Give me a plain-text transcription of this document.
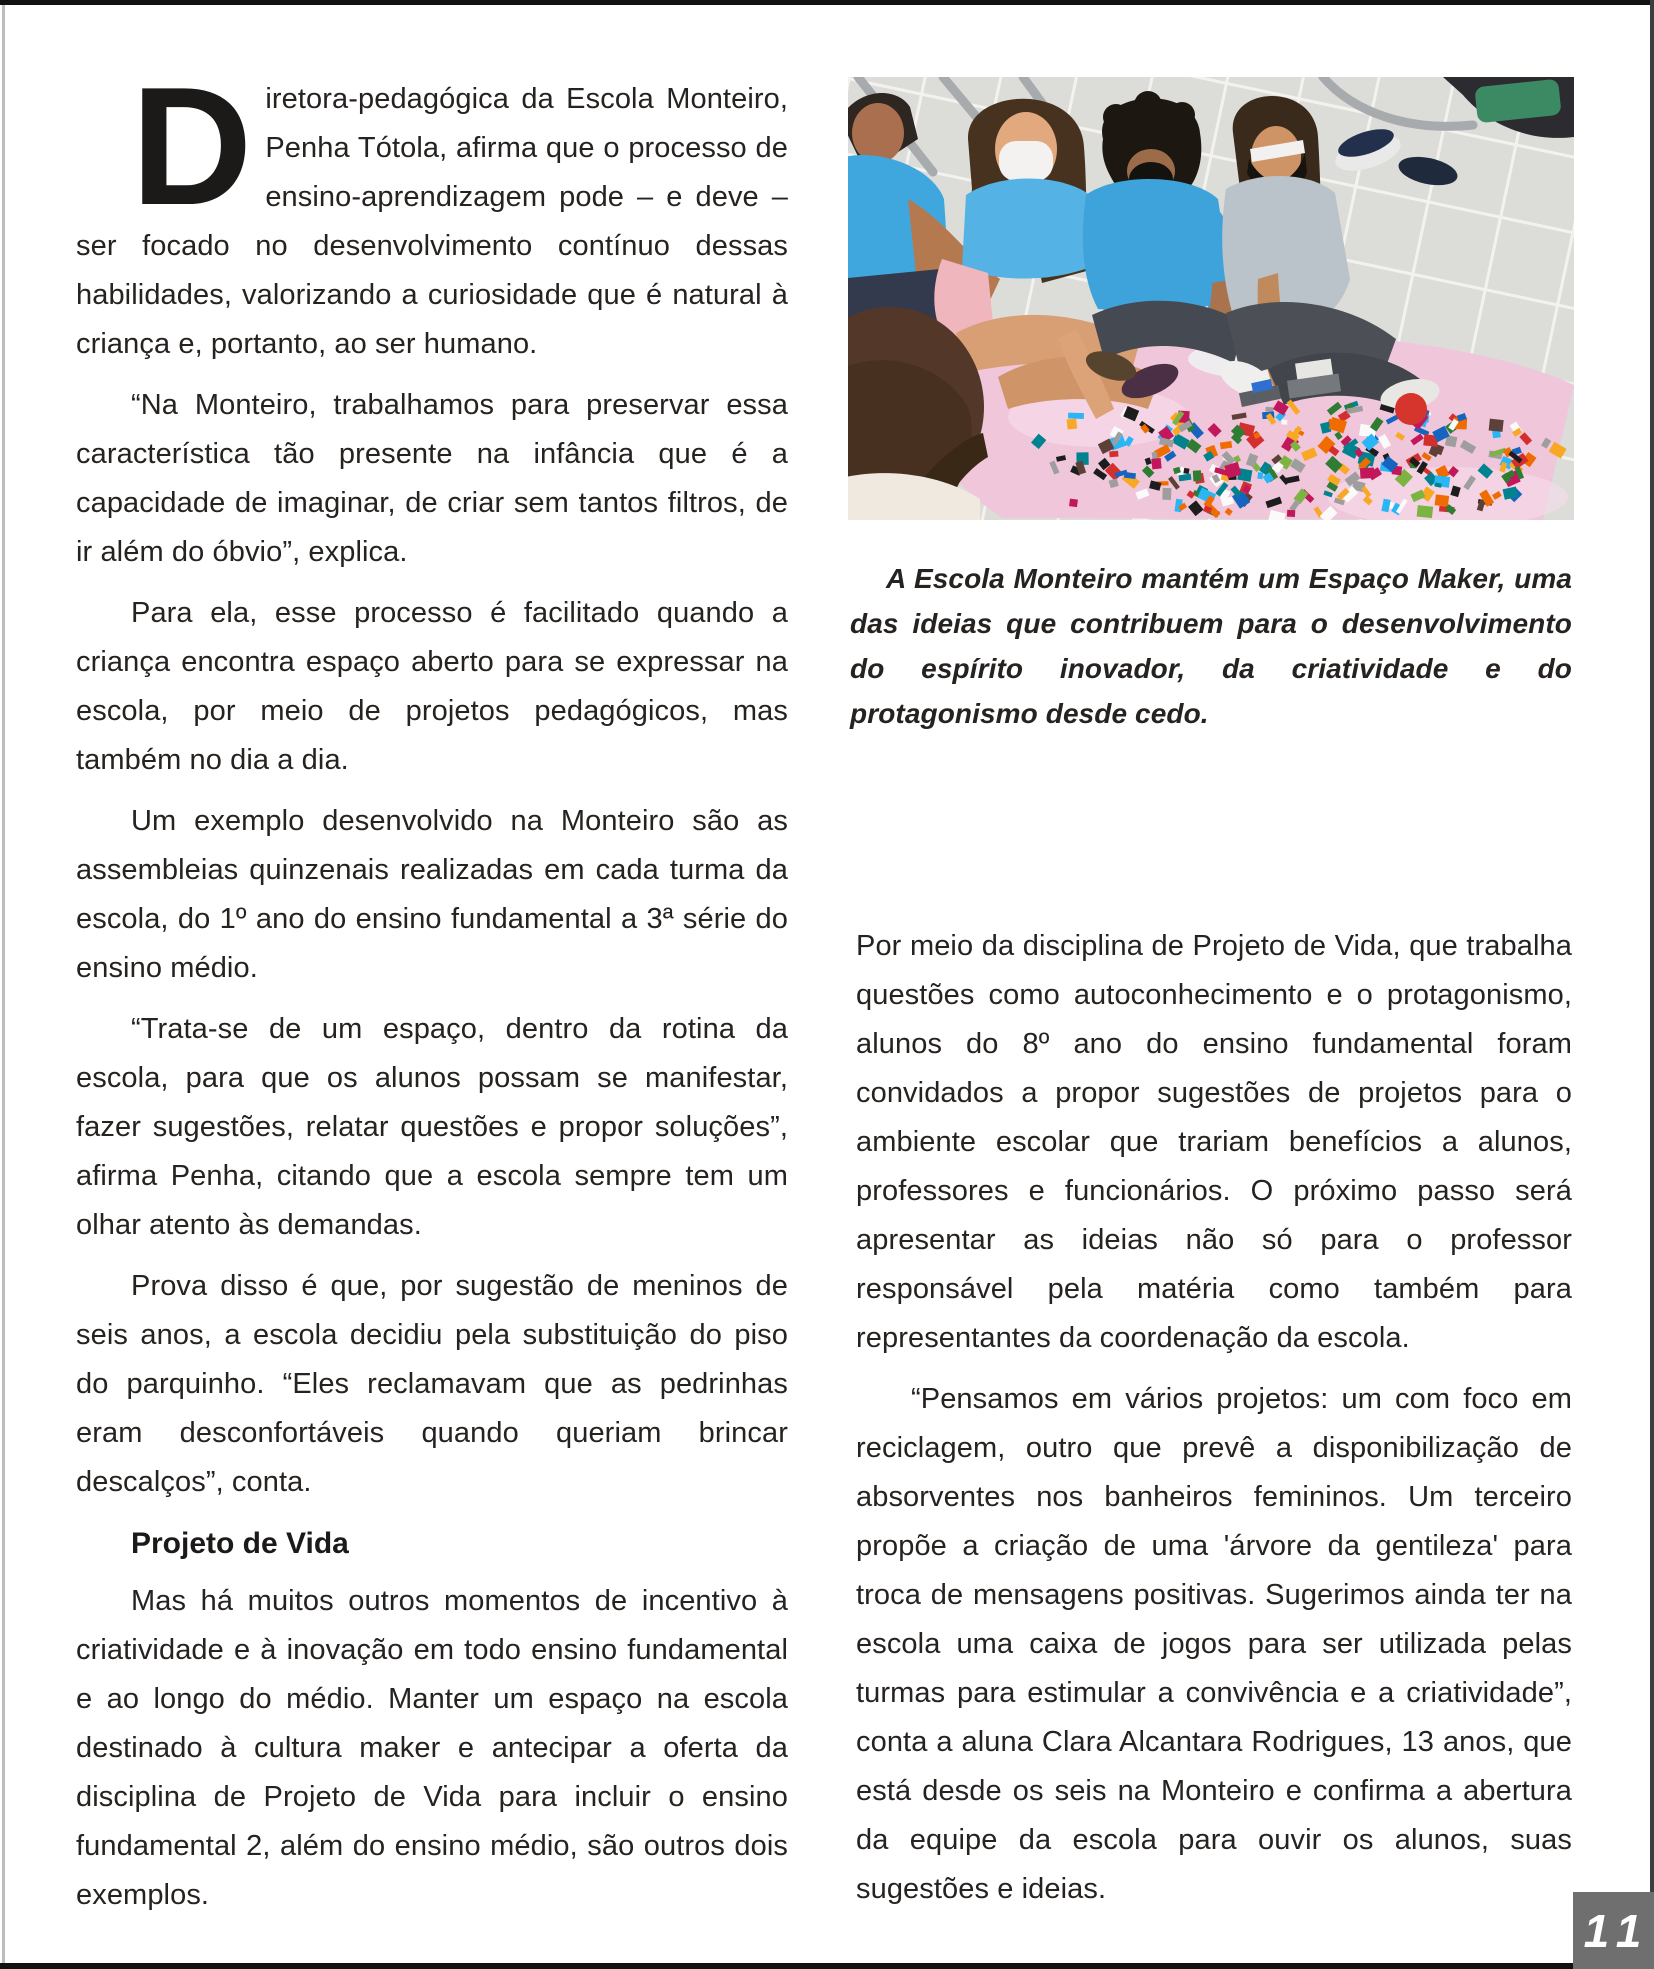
Diretora-pedagógica da Escola Monteiro, Penha Tótola, afirma que o processo de ensino-aprendizagem pode – e deve – ser focado no desenvolvimento contínuo dessas habilidades, valorizando a curiosidade que é natural à criança e, portanto, ao ser humano.

“Na Monteiro, trabalhamos para preservar essa característica tão presente na infância que é a capacidade de imaginar, de criar sem tantos filtros, de ir além do óbvio”, explica.

Para ela, esse processo é facilitado quando a criança encontra espaço aberto para se expressar na escola, por meio de projetos pedagógicos, mas também no dia a dia.

Um exemplo desenvolvido na Monteiro são as assembleias quinzenais realizadas em cada turma da escola, do 1º ano do ensino fundamental a 3ª série do ensino médio.

“Trata-se de um espaço, dentro da rotina da escola, para que os alunos possam se manifestar, fazer sugestões, relatar questões e propor soluções”, afirma Penha, citando que a escola sempre tem um olhar atento às demandas.

Prova disso é que, por sugestão de meninos de seis anos, a escola decidiu pela substituição do piso do parquinho. “Eles reclamavam que as pedrinhas eram desconfortáveis quando queriam brincar descalços”, conta.

Projeto de Vida

Mas há muitos outros momentos de incentivo à criatividade e à inovação em todo ensino fundamental e ao longo do médio. Manter um espaço na escola destinado à cultura maker e antecipar a oferta da disciplina de Projeto de Vida para incluir o ensino fundamental 2, além do ensino médio, são outros dois exemplos.

A Escola Monteiro mantém um Espaço Maker, uma das ideias que contribuem para o desenvolvimento do espírito inovador, da criatividade e do protagonismo desde cedo.

Por meio da disciplina de Projeto de Vida, que trabalha questões como autoconhecimento e o protagonismo, alunos do 8º ano do ensino fundamental foram convidados a propor sugestões de projetos para o ambiente escolar que trariam benefícios a alunos, professores e funcionários. O próximo passo será apresentar as ideias não só para o professor responsável pela matéria como também para representantes da coordenação da escola.

“Pensamos em vários projetos: um com foco em reciclagem, outro que prevê a disponibilização de absorventes nos banheiros femininos. Um terceiro propõe a criação de uma 'árvore da gentileza' para troca de mensagens positivas. Sugerimos ainda ter na escola uma caixa de jogos para ser utilizada pelas turmas para estimular a convivência e a criatividade”, conta a aluna Clara Alcantara Rodrigues, 13 anos, que está desde os seis na Monteiro e confirma a abertura da equipe da escola para ouvir os alunos, suas sugestões e ideias.

11
